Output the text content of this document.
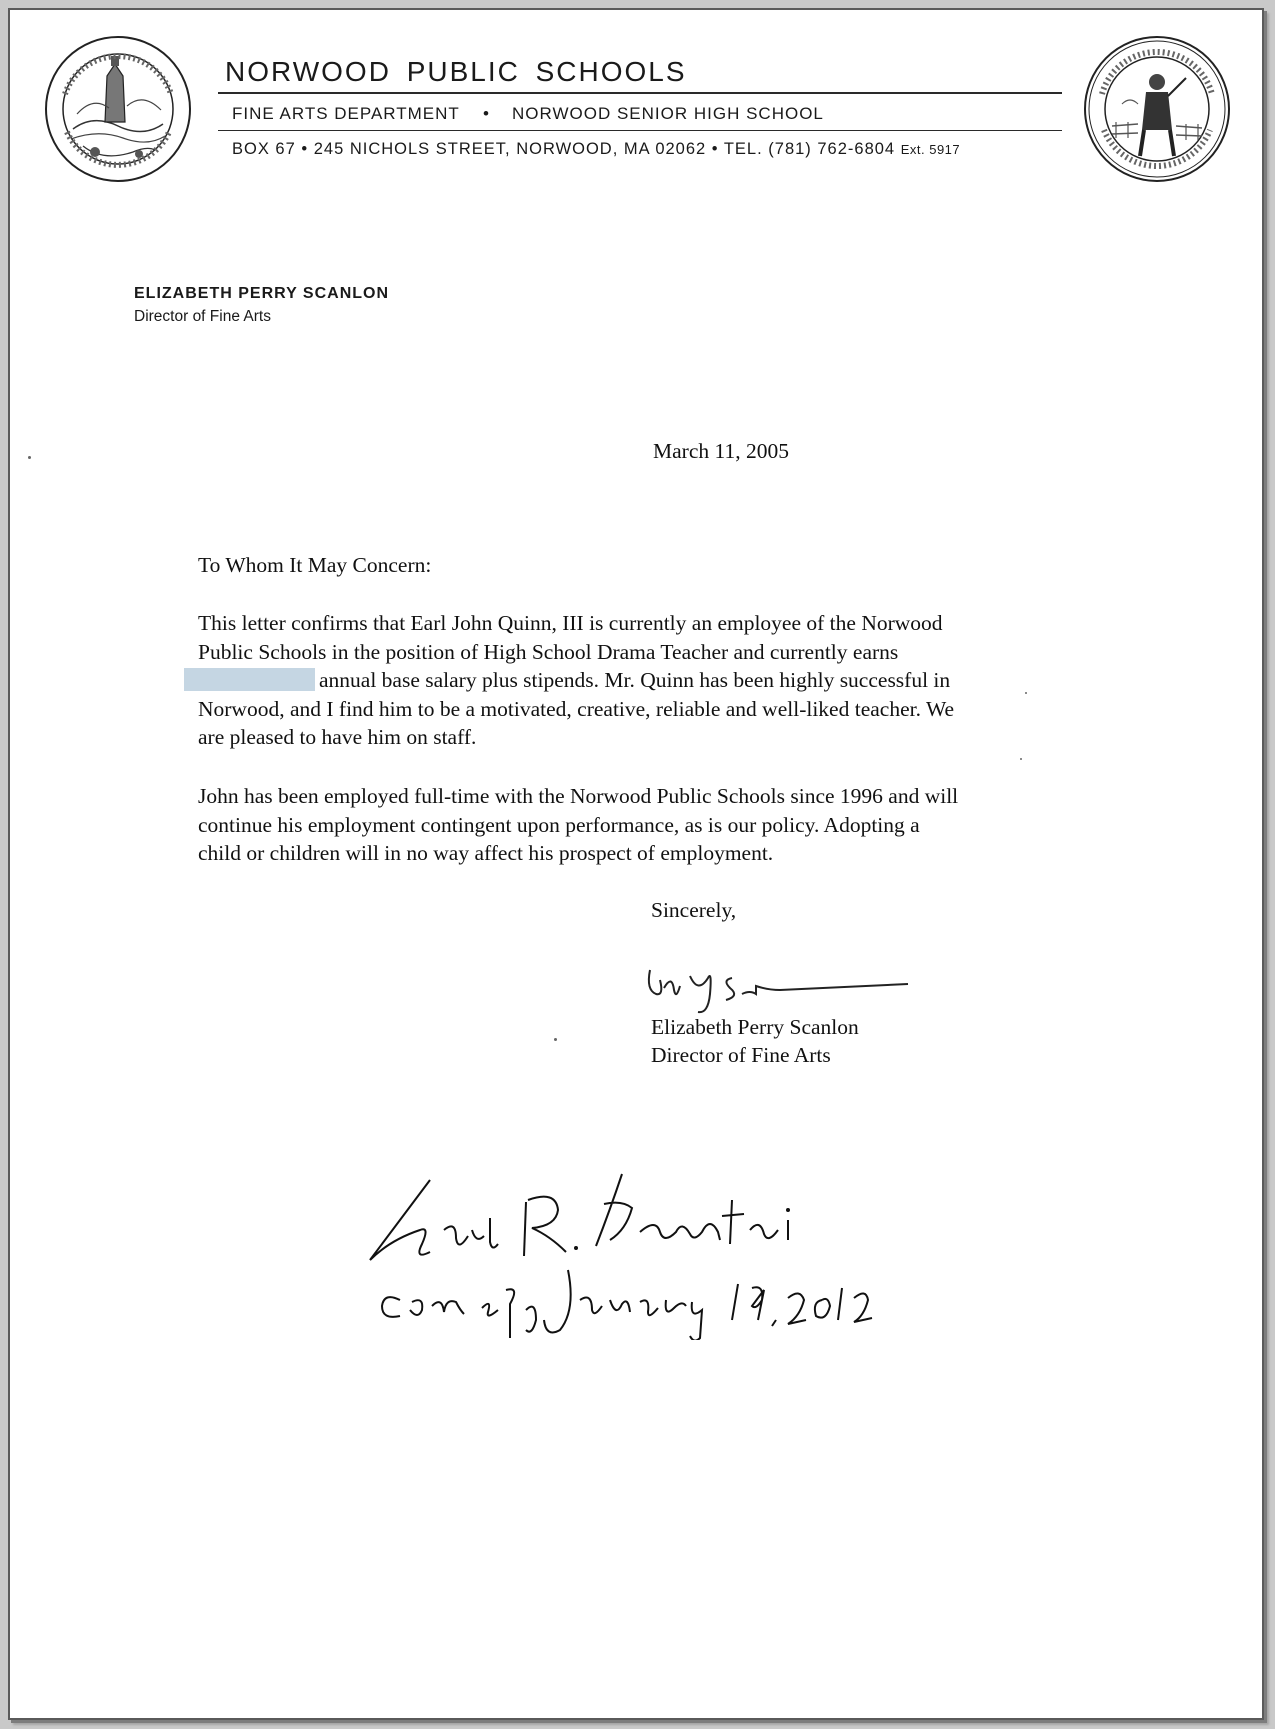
NORWOOD PUBLIC SCHOOLS
FINE ARTS DEPARTMENT • NORWOOD SENIOR HIGH SCHOOL
BOX 67 • 245 NICHOLS STREET, NORWOOD, MA 02062 • TEL. (781) 762-6804 Ext. 5917
ELIZABETH PERRY SCANLON
Director of Fine Arts
March 11, 2005
To Whom It May Concern:
This letter confirms that Earl John Quinn, III is currently an employee of the Norwood
Public Schools in the position of High School Drama Teacher and currently earns
annual base salary plus stipends. Mr. Quinn has been highly successful in
Norwood, and I find him to be a motivated, creative, reliable and well-liked teacher. We
are pleased to have him on staff.
John has been employed full-time with the Norwood Public Schools since 1996 and will
continue his employment contingent upon performance, as is our policy. Adopting a
child or children will in no way affect his prospect of employment.
Sincerely,
Elizabeth Perry Scanlon
Director of Fine Arts
